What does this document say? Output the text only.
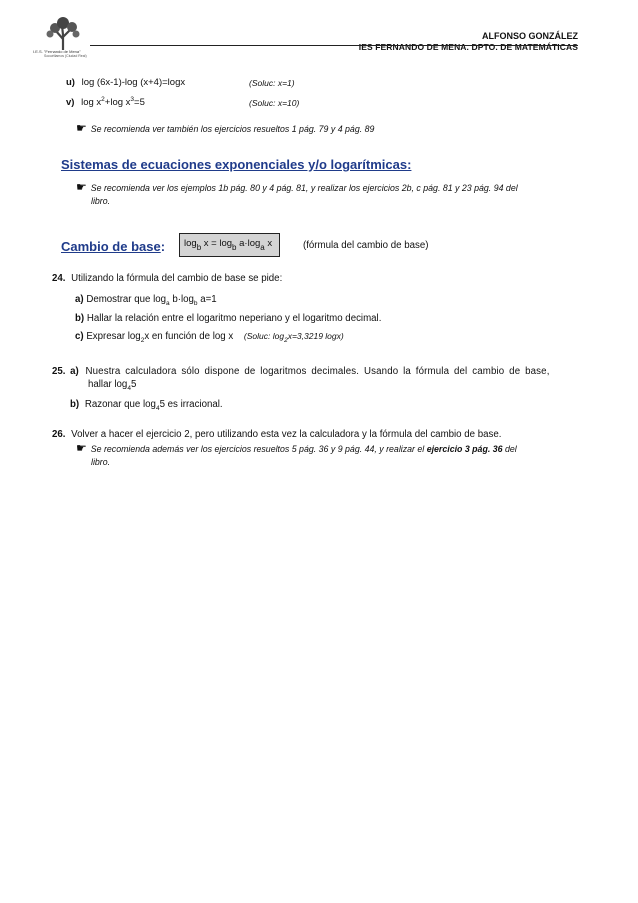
I.E.S. "Fernando de Mena"
Socuéllamos (Ciudad Real)
ALFONSO GONZÁLEZ
IES FERNANDO DE MENA. DPTO. DE MATEMÁTICAS
u) log (6x-1)-log (x+4)=logx	(Soluc: x=1)
v) $\log x^2+\log$ $x^3=5$	(Soluc: x=10)
☛ Se recomienda ver también los ejercicios resueltos 1 pág. 79 y 4 pág. 89
Sistemas de ecuaciones exponenciales y/o logarítmicas:
☛ Se recomienda ver los ejemplos 1b pág. 80 y 4 pág. 81, y realizar los ejercicios 2b, c pág. 81 y 23 pág. 94 del
libro.
Cambio de base: $\log_b x = \log_b a\cdot\log_a$ x	(fórmula del cambio de base)
24. Utilizando la fórmula del cambio de base se pide:
a) Demostrar que $\log_a b\cdot\log_b$ a=1
b) Hallar la relación entre el logaritmo neperiano y el logaritmo decimal.
c) Expresar $\log_2x$ en función de log x (Soluc: $\log_2x=3,3219$ logx)
25. a) Nuestra calculadora sólo dispone de logaritmos decimales. Usando la fórmula del cambio de base,
hallar $\log_45$
b) Razonar que $\log_45$ es irracional.
26. Volver a hacer el ejercicio 2, pero utilizando esta vez la calculadora y la fórmula del cambio de base.
☛ Se recomienda además ver los ejercicios resueltos 5 pág. 36 y 9 pág. 44, y realizar el ejercicio 3 pág. 36 del
libro.
